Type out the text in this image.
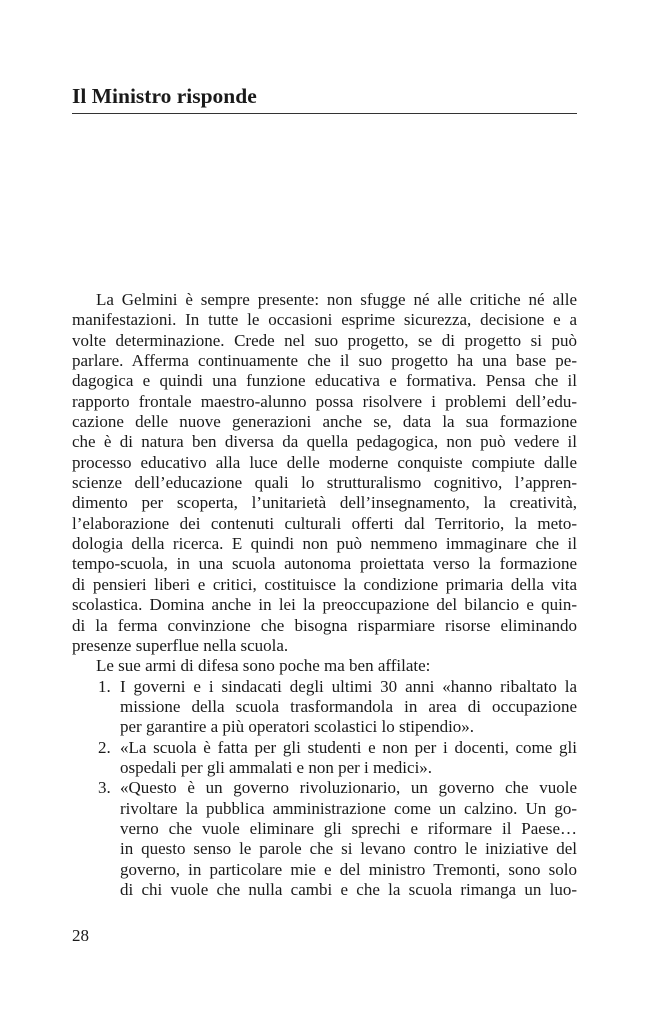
Il Ministro risponde
La Gelmini è sempre presente: non sfugge né alle critiche né alle
manifestazioni. In tutte le occasioni esprime sicurezza, decisione e a
volte determinazione. Crede nel suo progetto, se di progetto si può
parlare. Afferma continuamente che il suo progetto ha una base pe-
dagogica e quindi una funzione educativa e formativa. Pensa che il
rapporto frontale maestro-alunno possa risolvere i problemi dell’edu-
cazione delle nuove generazioni anche se, data la sua formazione
che è di natura ben diversa da quella pedagogica, non può vedere il
processo educativo alla luce delle moderne conquiste compiute dalle
scienze dell’educazione quali lo strutturalismo cognitivo, l’appren-
dimento per scoperta, l’unitarietà dell’insegnamento, la creatività,
l’elaborazione dei contenuti culturali offerti dal Territorio, la meto-
dologia della ricerca. E quindi non può nemmeno immaginare che il
tempo-scuola, in una scuola autonoma proiettata verso la formazione
di pensieri liberi e critici, costituisce la condizione primaria della vita
scolastica. Domina anche in lei la preoccupazione del bilancio e quin-
di la ferma convinzione che bisogna risparmiare risorse eliminando
presenze superflue nella scuola.
Le sue armi di difesa sono poche ma ben affilate:
1. I governi e i sindacati degli ultimi 30 anni «hanno ribaltato la
missione della scuola trasformandola in area di occupazione
per garantire a più operatori scolastici lo stipendio».
2. «La scuola è fatta per gli studenti e non per i docenti, come gli
ospedali per gli ammalati e non per i medici».
3. «Questo è un governo rivoluzionario, un governo che vuole
rivoltare la pubblica amministrazione come un calzino. Un go-
verno che vuole eliminare gli sprechi e riformare il Paese…
in questo senso le parole che si levano contro le iniziative del
governo, in particolare mie e del ministro Tremonti, sono solo
di chi vuole che nulla cambi e che la scuola rimanga un luo-
28
